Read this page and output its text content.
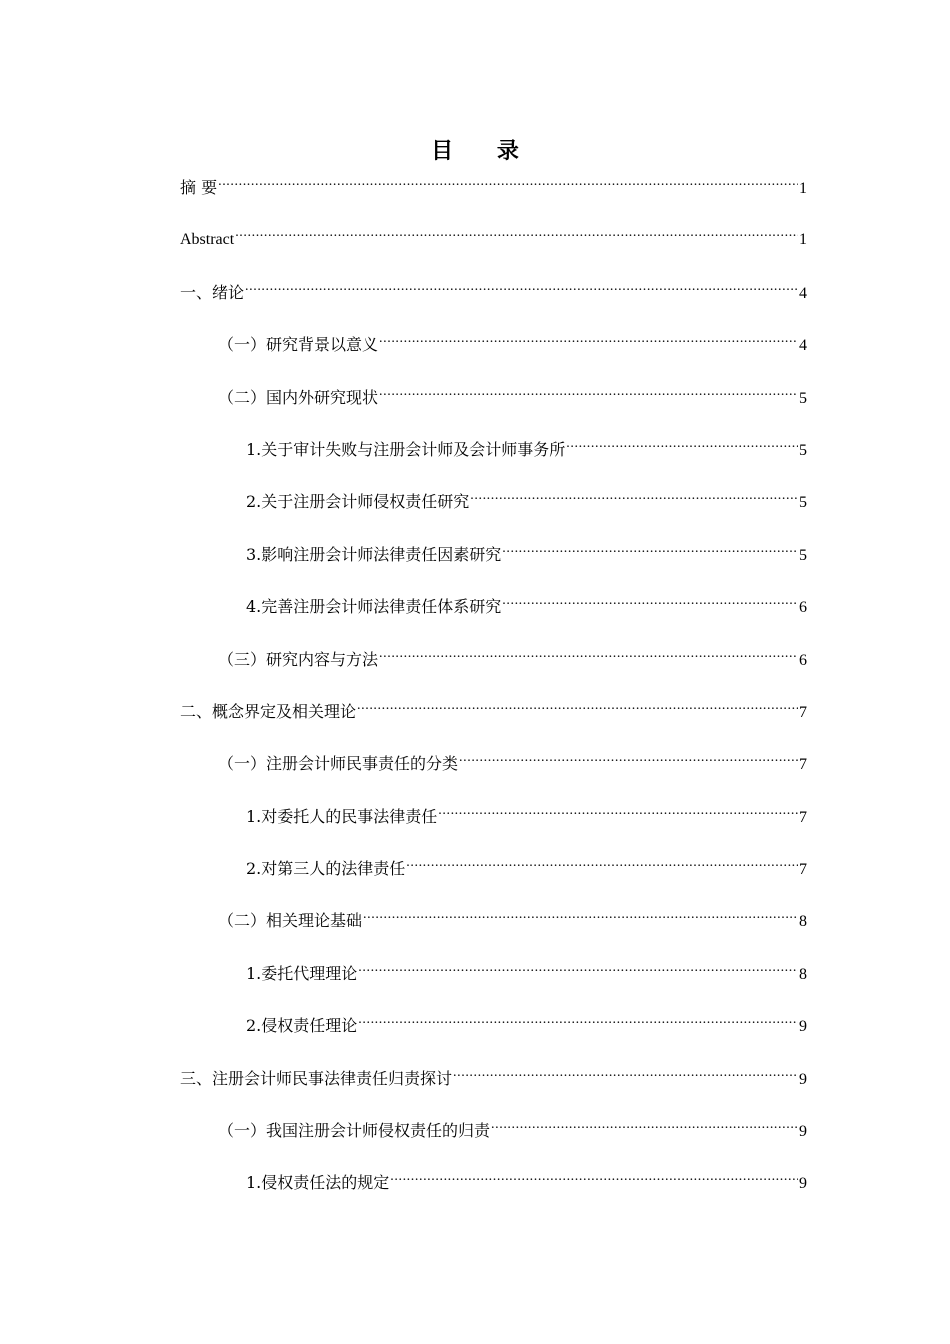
目 录
摘 要 .....	1
Abstract .....	1
一、绪论 .....	4
（一）研究背景以意义 .....	4
（二）国内外研究现状 .....	5
1.关于审计失败与注册会计师及会计师事务所 .....	5
2.关于注册会计师侵权责任研究 .....	5
3.影响注册会计师法律责任因素研究 .....	5
4.完善注册会计师法律责任体系研究 .....	6
（三）研究内容与方法 .....	6
二、概念界定及相关理论 .....	7
（一）注册会计师民事责任的分类 .....	7
1.对委托人的民事法律责任 .....	7
2.对第三人的法律责任 .....	7
（二）相关理论基础 .....	8
1.委托代理理论 .....	8
2.侵权责任理论 .....	9
三、注册会计师民事法律责任归责探讨 .....	9
（一）我国注册会计师侵权责任的归责 .....	9
1.侵权责任法的规定 .....	9
